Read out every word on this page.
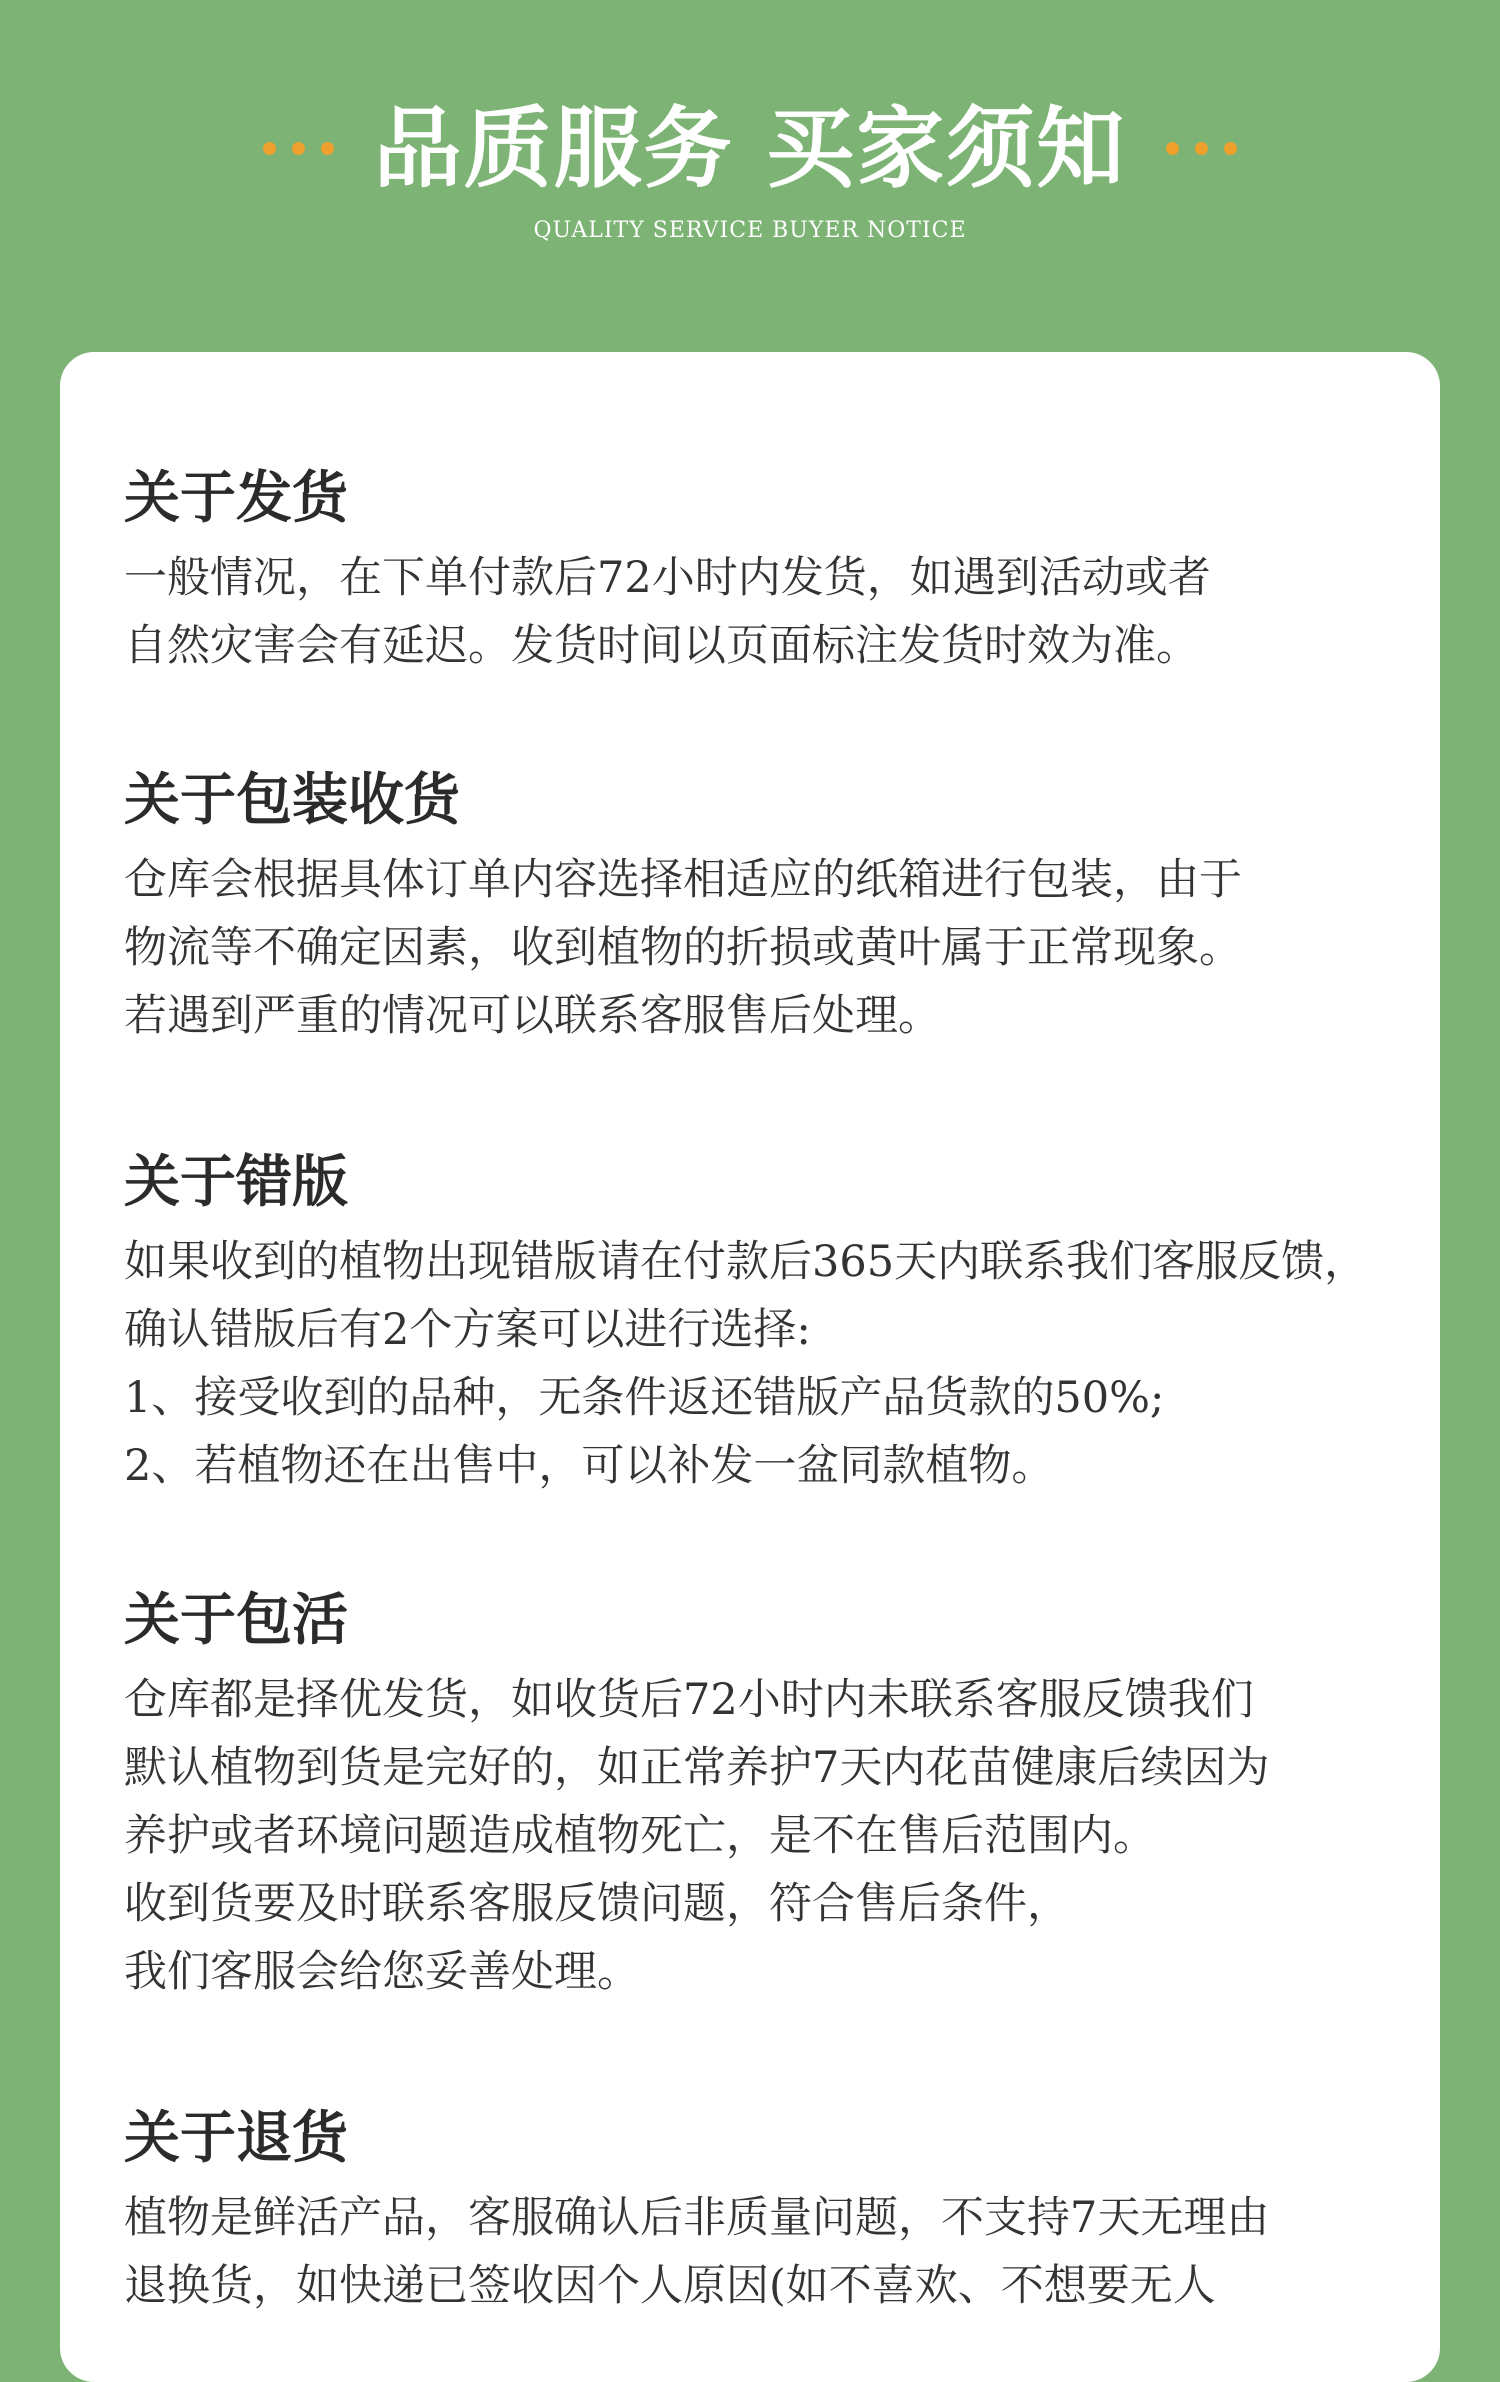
品质服务 买家须知
QUALITY SERVICE BUYER NOTICE
关于发货
一般情况，在下单付款后72小时内发货，如遇到活动或者
自然灾害会有延迟。发货时间以页面标注发货时效为准。
关于包装收货
仓库会根据具体订单内容选择相适应的纸箱进行包装，由于
物流等不确定因素，收到植物的折损或黄叶属于正常现象。
若遇到严重的情况可以联系客服售后处理。
关于错版
如果收到的植物出现错版请在付款后365天内联系我们客服反馈，
确认错版后有2个方案可以进行选择:
1、接受收到的品种，无条件返还错版产品货款的50%;
2、若植物还在出售中，可以补发一盆同款植物。
关于包活
仓库都是择优发货，如收货后72小时内未联系客服反馈我们
默认植物到货是完好的，如正常养护7天内花苗健康后续因为
养护或者环境问题造成植物死亡，是不在售后范围内。
收到货要及时联系客服反馈问题，符合售后条件，
我们客服会给您妥善处理。
关于退货
植物是鲜活产品，客服确认后非质量问题，不支持7天无理由
退换货，如快递已签收因个人原因(如不喜欢、不想要无人
